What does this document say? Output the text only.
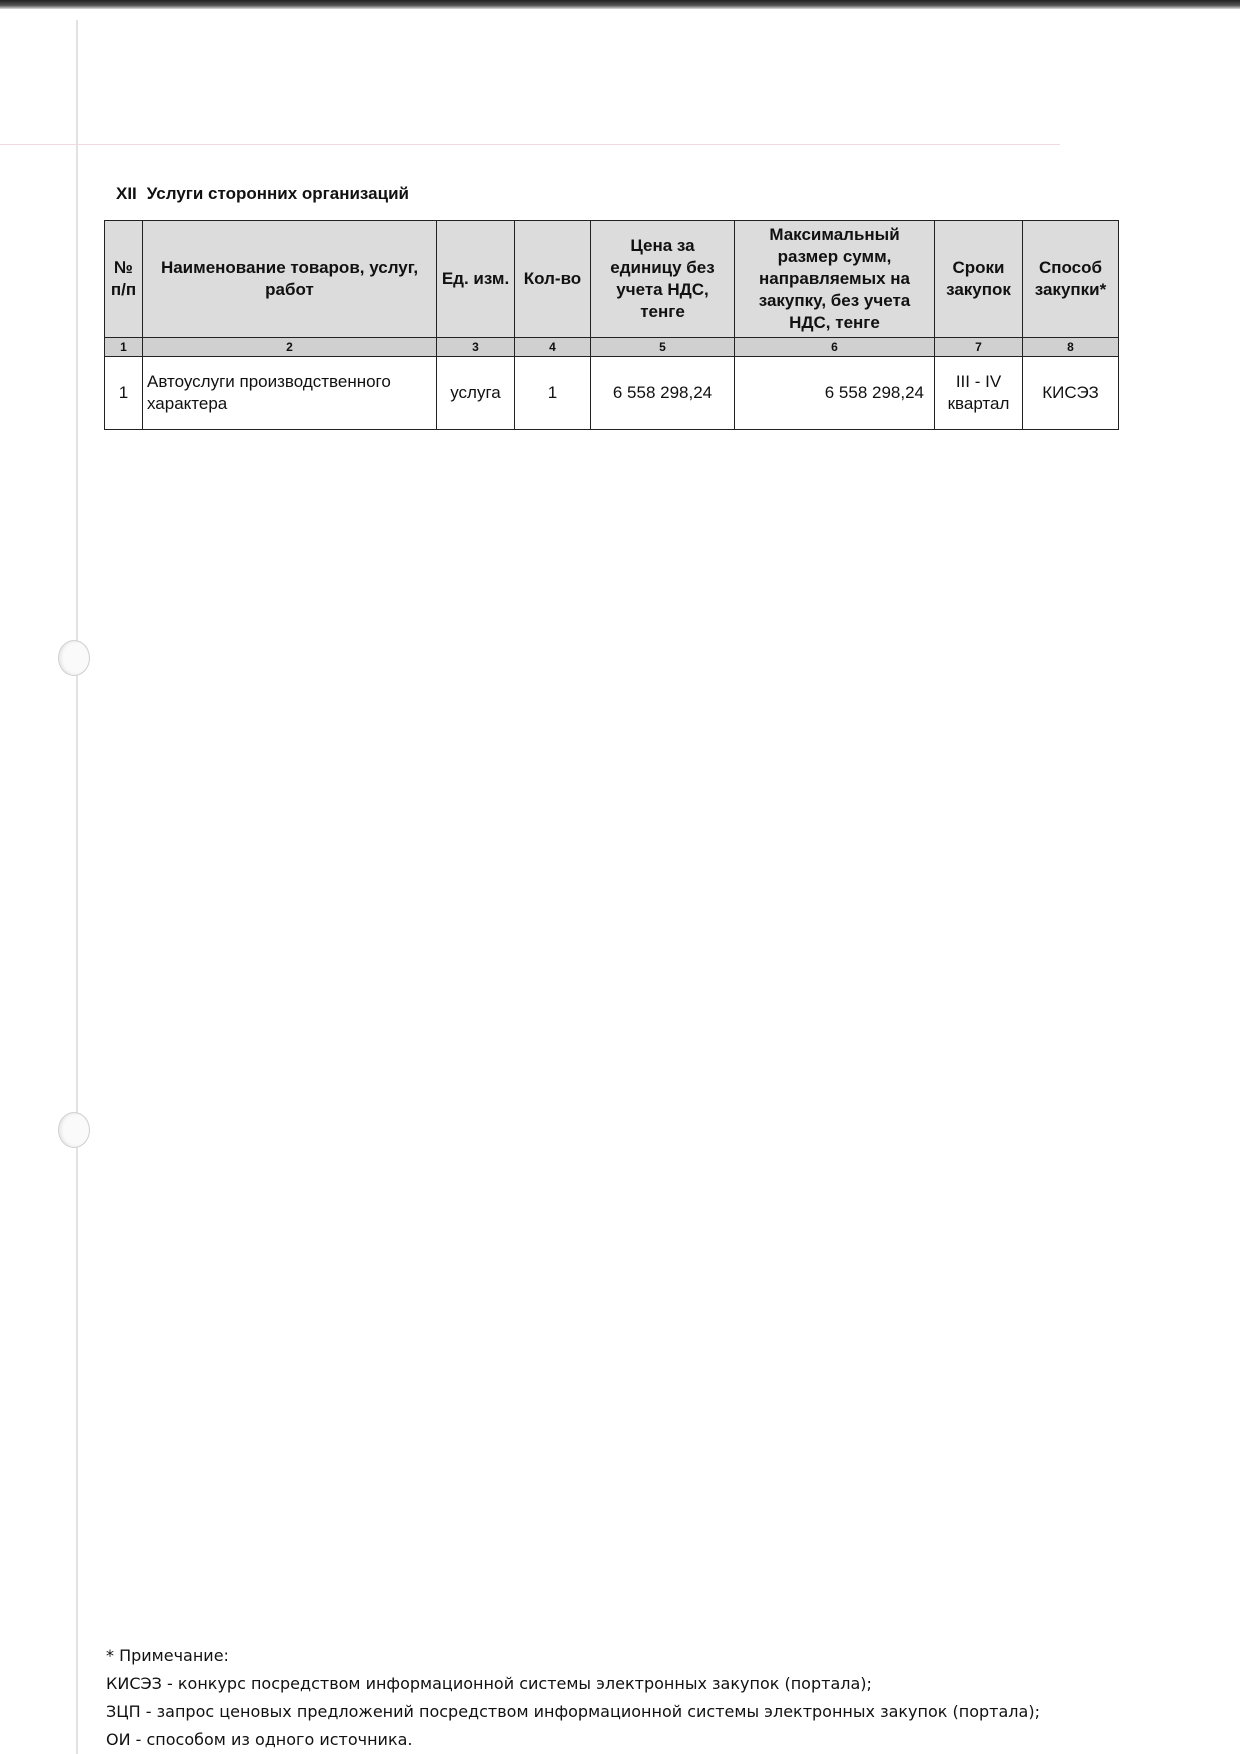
XII Услуги сторонних организаций
№ п/п	Наименование товаров, услуг, работ	Ед. изм.	Кол-во	Цена за единицу без учета НДС, тенге	Максимальный размер сумм, направляемых на закупку, без учета НДС, тенге	Сроки закупок	Способ закупки*
1	2	3	4	5	6	7	8
1	Автоуслуги производственного характера	услуга	1	6 558 298,24	6 558 298,24	III - IV квартал	КИСЭЗ
* Примечание:
КИСЭЗ - конкурс посредством информационной системы электронных закупок (портала);
ЗЦП - запрос ценовых предложений посредством информационной системы электронных закупок (портала);
ОИ - способом из одного источника.
